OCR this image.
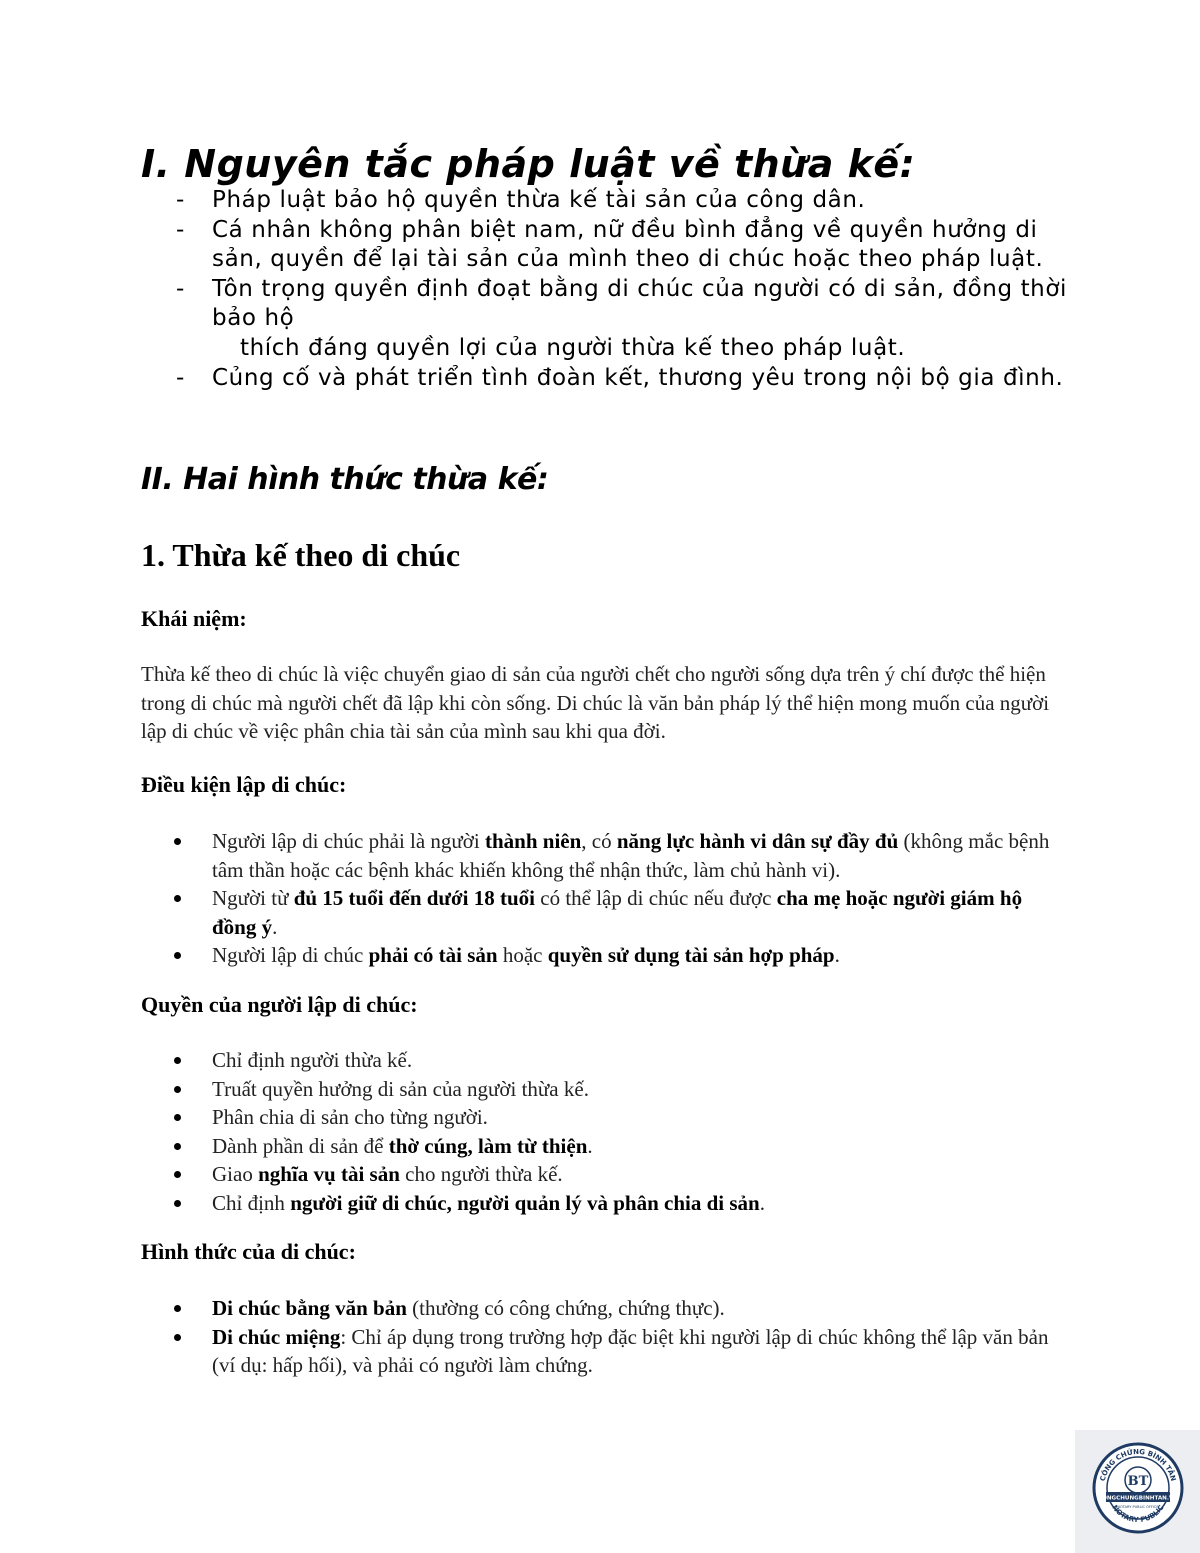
I. Nguyên tắc pháp luật về thừa kế:
- Pháp luật bảo hộ quyền thừa kế tài sản của công dân.
- Cá nhân không phân biệt nam, nữ đều bình đẳng về quyền hưởng di sản, quyền để lại tài sản của mình theo di chúc hoặc theo pháp luật.
- Tôn trọng quyền định đoạt bằng di chúc của người có di sản, đồng thời bảo hộ
thích đáng quyền lợi của người thừa kế theo pháp luật.
- Củng cố và phát triển tình đoàn kết, thương yêu trong nội bộ gia đình.
II. Hai hình thức thừa kế:
1. Thừa kế theo di chúc

Khái niệm:

Thừa kế theo di chúc là việc chuyển giao di sản của người chết cho người sống dựa trên ý chí được thể hiện trong di chúc mà người chết đã lập khi còn sống. Di chúc là văn bản pháp lý thể hiện mong muốn của người lập di chúc về việc phân chia tài sản của mình sau khi qua đời.

Điều kiện lập di chúc:

Người lập di chúc phải là người thành niên, có năng lực hành vi dân sự đầy đủ (không mắc bệnh tâm thần hoặc các bệnh khác khiến không thể nhận thức, làm chủ hành vi).
Người từ đủ 15 tuổi đến dưới 18 tuổi có thể lập di chúc nếu được cha mẹ hoặc người giám hộ đồng ý.
Người lập di chúc phải có tài sản hoặc quyền sử dụng tài sản hợp pháp.

Quyền của người lập di chúc:

Chỉ định người thừa kế.
Truất quyền hưởng di sản của người thừa kế.
Phân chia di sản cho từng người.
Dành phần di sản để thờ cúng, làm từ thiện.
Giao nghĩa vụ tài sản cho người thừa kế.
Chỉ định người giữ di chúc, người quản lý và phân chia di sản.

Hình thức của di chúc:

Di chúc bằng văn bản (thường có công chứng, chứng thực).
Di chúc miệng: Chỉ áp dụng trong trường hợp đặc biệt khi người lập di chúc không thể lập văn bản (ví dụ: hấp hối), và phải có người làm chứng.
CÔNG CHỨNG BÌNH TÂN
NOTARY PUBLIC
BT
CONGCHUNGBINHTAN.VN
NOTARY PUBLIC OFFICE
